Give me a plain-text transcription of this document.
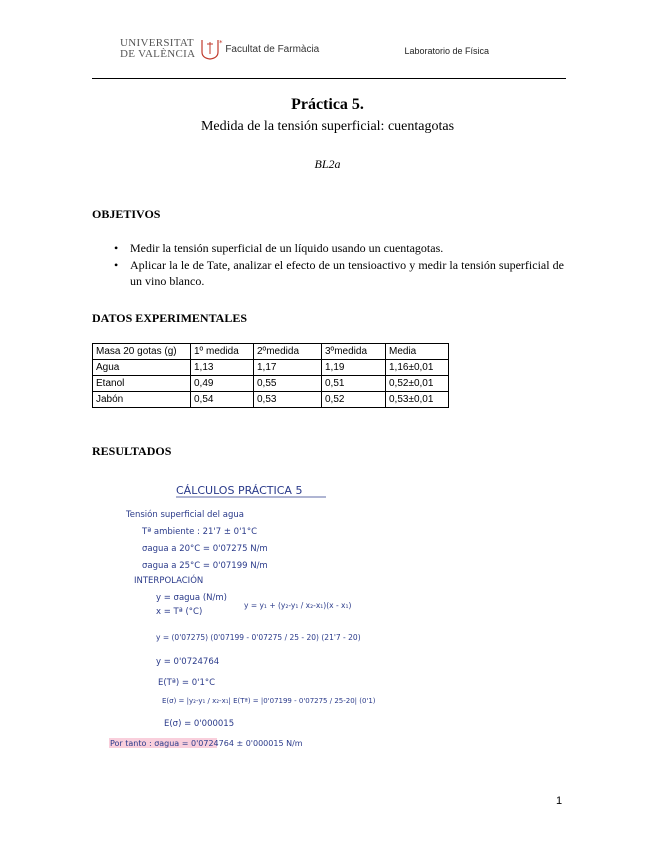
UNIVERSITAT
DE VALÈNCIA
*
Facultat de Farmàcia	Laboratorio de Física
Práctica 5.
Medida de la tensión superficial: cuentagotas
BL2a
OBJETIVOS
• Medir la tensión superficial de un líquido usando un cuentagotas.
• Aplicar la le de Tate, analizar el efecto de un tensioactivo y medir la tensión superficial de un vino blanco.
DATOS EXPERIMENTALES
Masa 20 gotas (g)	1º medida	2ºmedida	3ºmedida	Media
Agua	1,13	1,17	1,19	1,16±0,01
Etanol	0,49	0,55	0,51	0,52±0,01
Jabón	0,54	0,53	0,52	0,53±0,01
RESULTADOS
CÁLCULOS PRÁCTICA 5
Tensión superficial del agua
Tª ambiente : 21'7 ± 0'1°C
σagua a 20°C = 0'07275 N/m
σagua a 25°C = 0'07199 N/m
INTERPOLACIÓN
y = σagua (N/m)
x = Tª (°C)
y = y₁ + (y₂-y₁ / x₂-x₁)(x - x₁)
y = (0'07275) (0'07199 - 0'07275 / 25 - 20) (21'7 - 20)
y = 0'0724764
E(Tª) = 0'1°C
E(σ) = |y₂-y₁ / x₂-x₁| E(Tª) = |0'07199 - 0'07275 / 25-20| (0'1)
E(σ) = 0'000015
Por tanto : σagua = 0'0724764 ± 0'000015 N/m
1
